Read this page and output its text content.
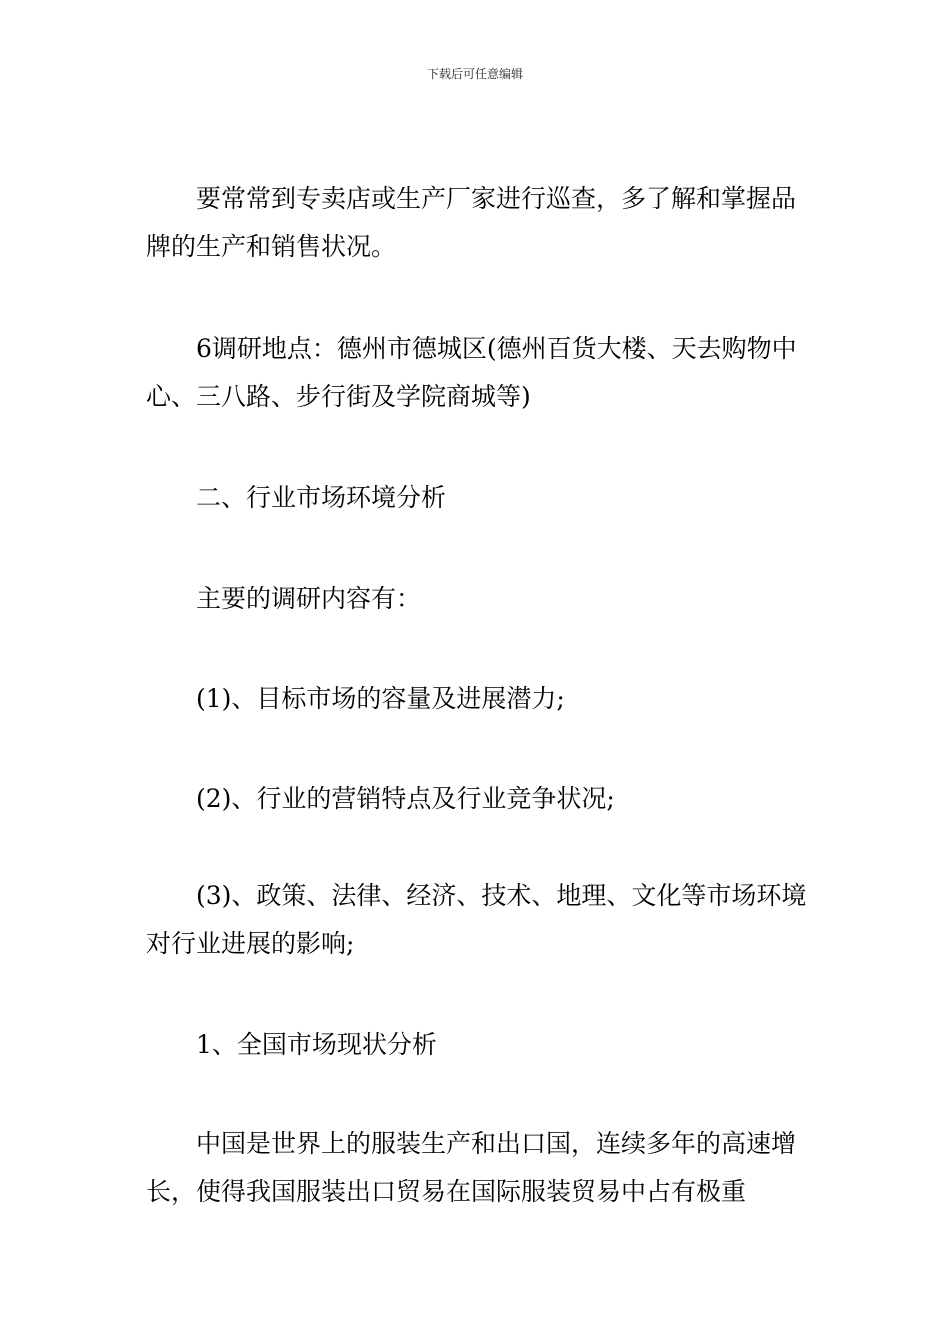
下载后可任意编辑

要常常到专卖店或生产厂家进行巡查，多了解和掌握品牌的生产和销售状况。

6调研地点：德州市德城区(德州百货大楼、天去购物中心、三八路、步行街及学院商城等)

二、行业市场环境分析

主要的调研内容有：

(1)、目标市场的容量及进展潜力;

(2)、行业的营销特点及行业竞争状况;

(3)、政策、法律、经济、技术、地理、文化等市场环境对行业进展的影响;

1、全国市场现状分析

中国是世界上的服装生产和出口国，连续多年的高速增长，使得我国服装出口贸易在国际服装贸易中占有极重
